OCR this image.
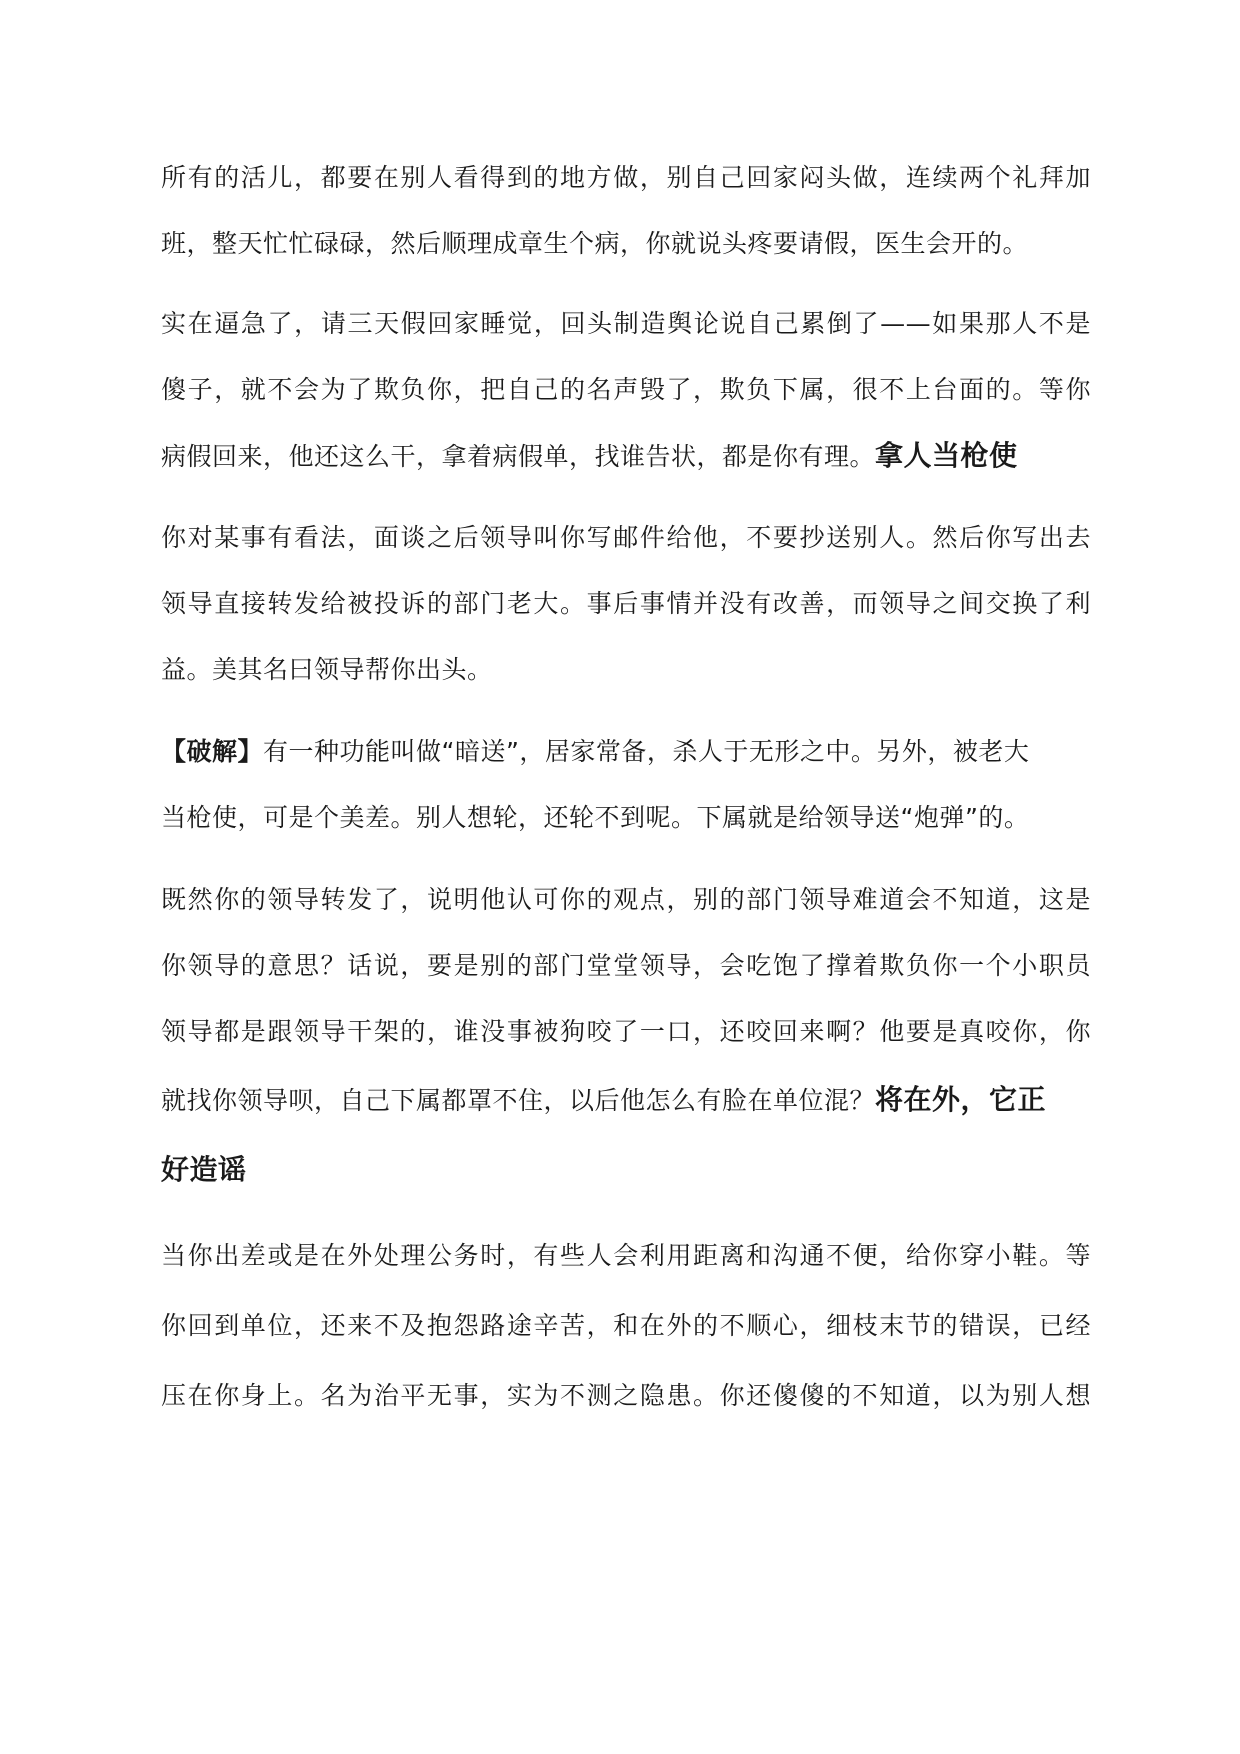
所有的活儿，都要在别人看得到的地方做，别自己回家闷头做，连续两个礼拜加
班，整天忙忙碌碌，然后顺理成章生个病，你就说头疼要请假，医生会开的。
实在逼急了，请三天假回家睡觉，回头制造舆论说自己累倒了——如果那人不是
傻子，就不会为了欺负你，把自己的名声毁了，欺负下属，很不上台面的。等你
病假回来，他还这么干，拿着病假单，找谁告状，都是你有理。拿人当枪使
你对某事有看法，面谈之后领导叫你写邮件给他，不要抄送别人。然后你写出去
领导直接转发给被投诉的部门老大。事后事情并没有改善，而领导之间交换了利
益。美其名曰领导帮你出头。
【破解】有一种功能叫做“暗送”，居家常备，杀人于无形之中。另外，被老大
当枪使，可是个美差。别人想轮，还轮不到呢。下属就是给领导送“炮弹”的。
既然你的领导转发了，说明他认可你的观点，别的部门领导难道会不知道，这是
你领导的意思？话说，要是别的部门堂堂领导，会吃饱了撑着欺负你一个小职员
领导都是跟领导干架的，谁没事被狗咬了一口，还咬回来啊？他要是真咬你，你
就找你领导呗，自己下属都罩不住，以后他怎么有脸在单位混？将在外，它正
好造谣
当你出差或是在外处理公务时，有些人会利用距离和沟通不便，给你穿小鞋。等
你回到单位，还来不及抱怨路途辛苦，和在外的不顺心，细枝末节的错误，已经
压在你身上。名为治平无事，实为不测之隐患。你还傻傻的不知道，以为别人想
